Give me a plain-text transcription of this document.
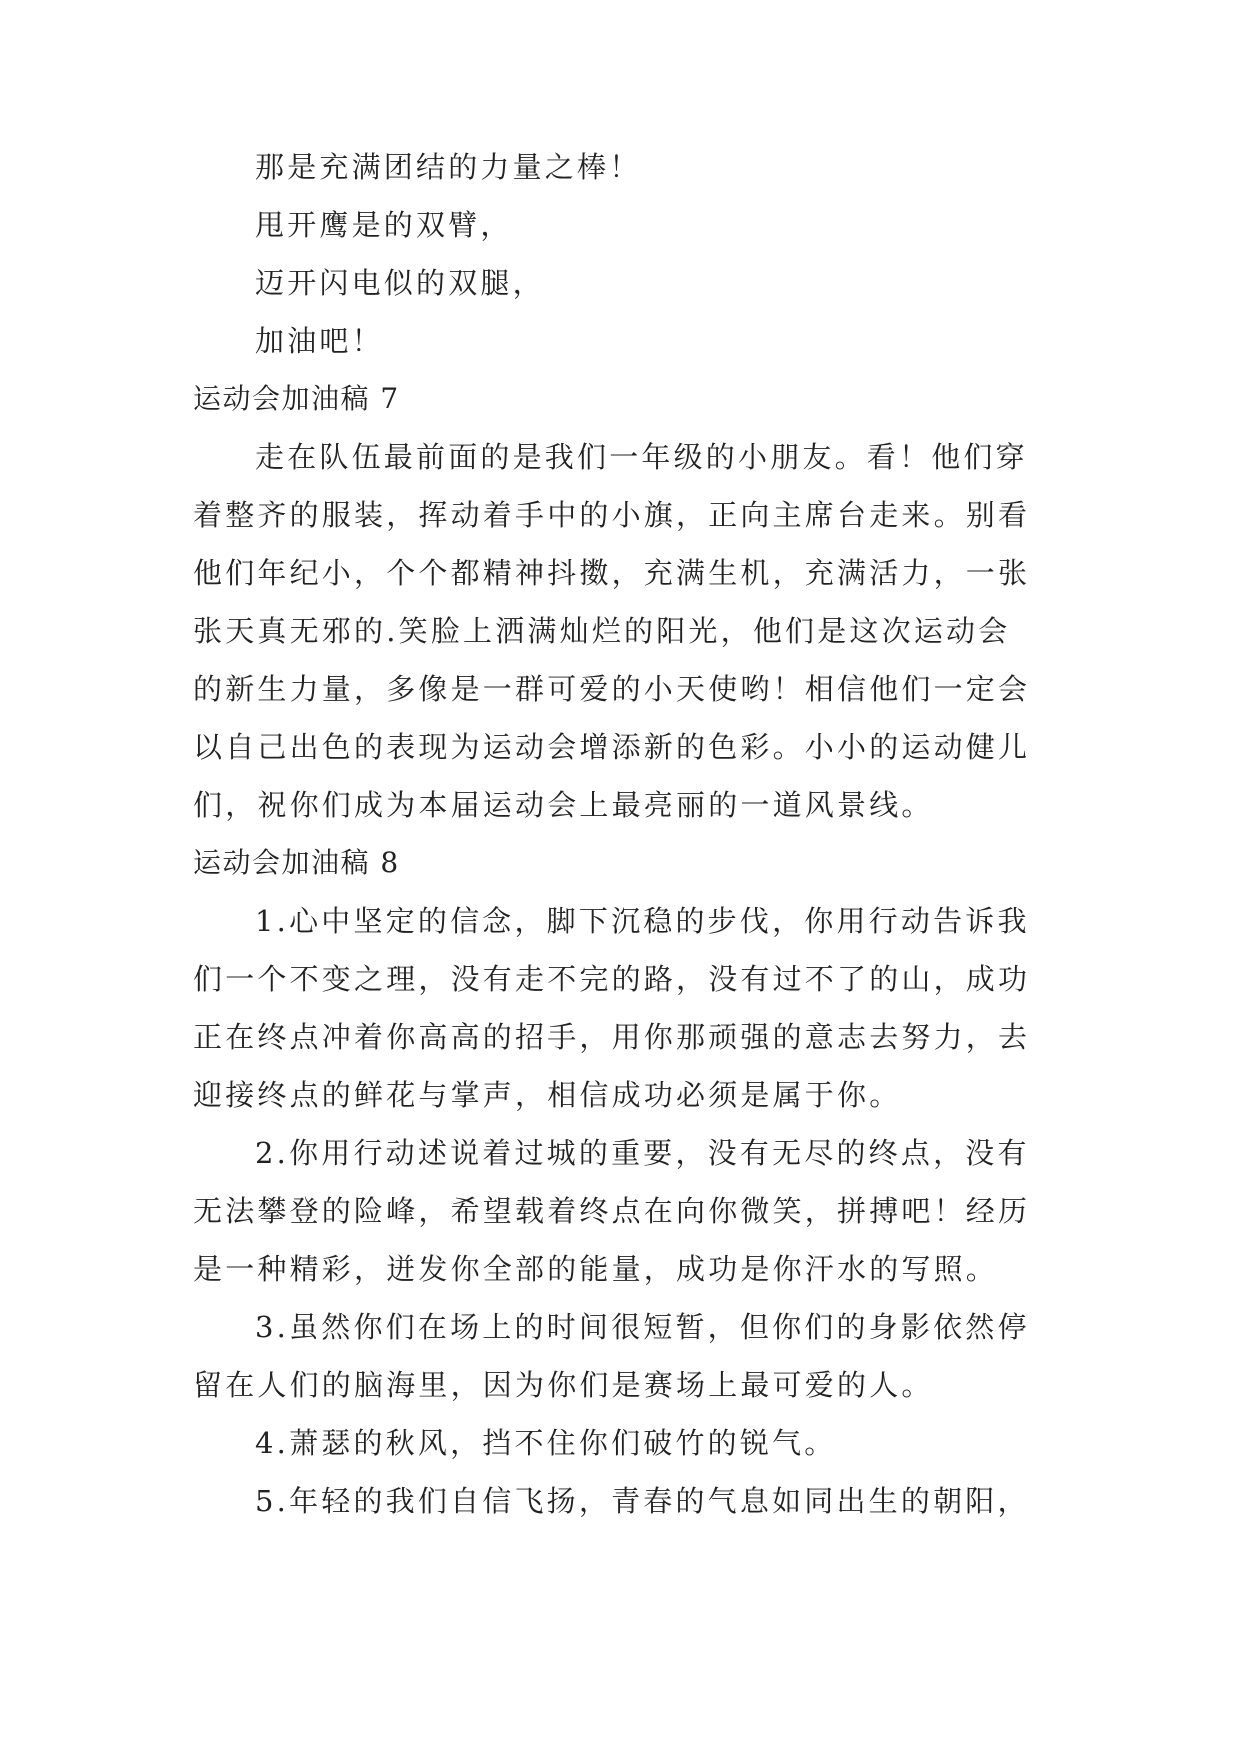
那是充满团结的力量之棒！
甩开鹰是的双臂，
迈开闪电似的双腿，
加油吧！
运动会加油稿 7
走在队伍最前面的是我们一年级的小朋友。看！他们穿
着整齐的服装，挥动着手中的小旗，正向主席台走来。别看
他们年纪小，个个都精神抖擞，充满生机，充满活力，一张
张天真无邪的.笑脸上洒满灿烂的阳光，他们是这次运动会
的新生力量，多像是一群可爱的小天使哟！相信他们一定会
以自己出色的表现为运动会增添新的色彩。小小的运动健儿
们，祝你们成为本届运动会上最亮丽的一道风景线。
运动会加油稿 8
1.心中坚定的信念，脚下沉稳的步伐，你用行动告诉我
们一个不变之理，没有走不完的路，没有过不了的山，成功
正在终点冲着你高高的招手，用你那顽强的意志去努力，去
迎接终点的鲜花与掌声，相信成功必须是属于你。
2.你用行动述说着过城的重要，没有无尽的终点，没有
无法攀登的险峰，希望载着终点在向你微笑，拼搏吧！经历
是一种精彩，迸发你全部的能量，成功是你汗水的写照。
3.虽然你们在场上的时间很短暂，但你们的身影依然停
留在人们的脑海里，因为你们是赛场上最可爱的人。
4.萧瑟的秋风，挡不住你们破竹的锐气。
5.年轻的我们自信飞扬，青春的气息如同出生的朝阳，
